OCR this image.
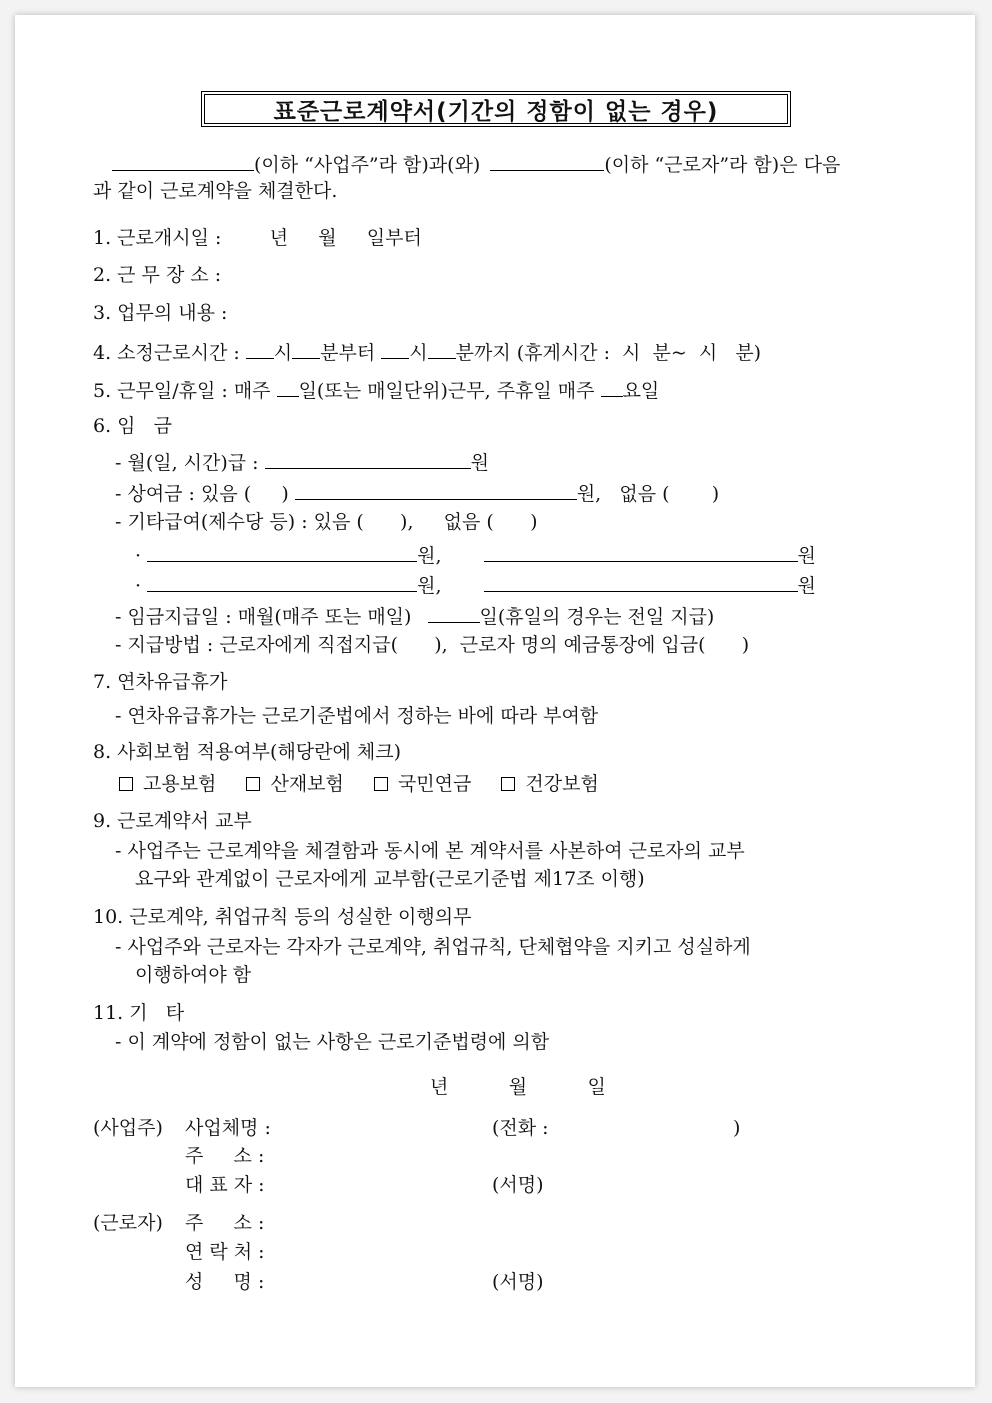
표준근로계약서(기간의 정함이 없는 경우)
(이하 “사업주”라 함)과(와)	(이하 “근로자”라 함)은 다음
과 같이 근로계약을 체결한다.
1. 근로개시일 :        년     월     일부터
2. 근 무 장 소 :
3. 업무의 내용 :
4. 소정근로시간 : 시 분부터 시 분까지 (휴게시간 :  시  분~  시   분)
5. 근무일/휴일 : 매주 일(또는 매일단위)근무, 주휴일 매주 요일
6. 임   금
- 월(일, 시간)급 :	원
- 상여금 : 있음 (     )	원,   없음 (       )
- 기타급여(제수당 등) : 있음 (      ),     없음 (      )
·	원,	원
·	원,	원
- 임금지급일 : 매월(매주 또는 매일)	일(휴일의 경우는 전일 지급)
- 지급방법 : 근로자에게 직접지급(      ),  근로자 명의 예금통장에 입금(      )
7. 연차유급휴가
- 연차유급휴가는 근로기준법에서 정하는 바에 따라 부여함
8. 사회보험 적용여부(해당란에 체크)
고용보험	산재보험	국민연금	건강보험
9. 근로계약서 교부
- 사업주는 근로계약을 체결함과 동시에 본 계약서를 사본하여 근로자의 교부
요구와 관계없이 근로자에게 교부함(근로기준법 제17조 이행)
10. 근로계약, 취업규칙 등의 성실한 이행의무
- 사업주와 근로자는 각자가 근로계약, 취업규칙, 단체협약을 지키고 성실하게
이행하여야 함
11. 기   타
- 이 계약에 정함이 없는 사항은 근로기준법령에 의함
년          월          일
(사업주) 사업체명 :	(전화 :	)
주     소 :
대 표 자 :	(서명)
(근로자) 주     소 :
연 락 처 :
성     명 :	(서명)
